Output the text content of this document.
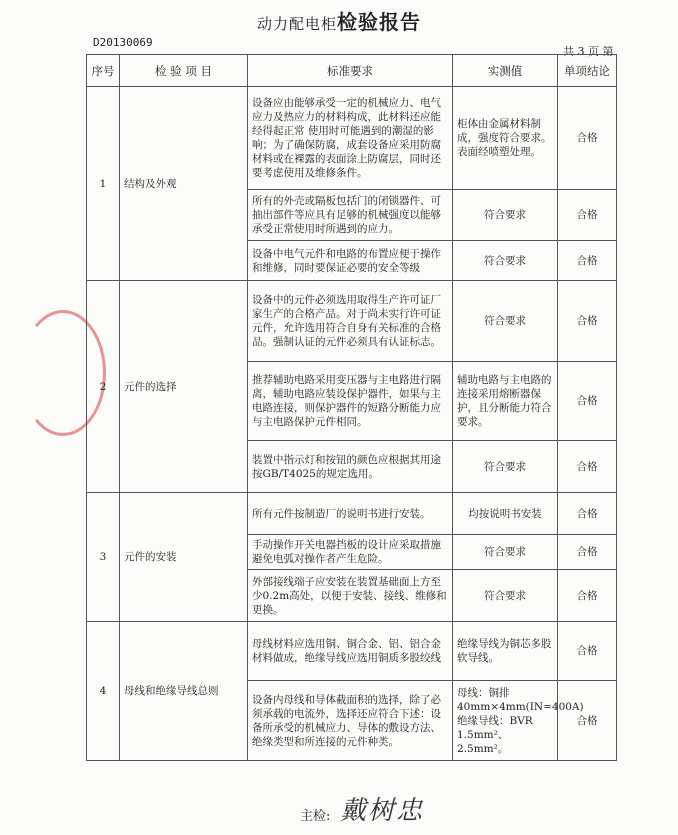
动力配电柜检验报告
D20130069
共 3 页 第
序号	检 验 项 目	标准要求	实测值	单项结论
1	结构及外观	设备应由能够承受一定的机械应力、电气应力及热应力的材料构成，此材料还应能经得起正常 使用时可能遇到的潮湿的影响；为了确保防腐，成套设备应采用防腐材料或在裸露的表面涂上防腐层，同时还要考虑使用及维修条件。	柜体由金属材料制成，强度符合要求。表面经喷塑处理。	合格
		所有的外壳或隔板包括门的闭锁器件、可抽出部件等应具有足够的机械强度以能够承受正常使用时所遇到的应力。	符合要求	合格
		设备中电气元件和电路的布置应便于操作和维修，同时要保证必要的安全等级	符合要求	合格
2	元件的选择	设备中的元件必须选用取得生产许可证厂家生产的合格产品。对于尚未实行许可证元件，允许选用符合自身有关标准的合格品。强制认证的元件必须具有认证标志。	符合要求	合格
		推荐辅助电路采用变压器与主电路进行隔离，辅助电路应装设保护器件，如果与主电路连接，则保护器件的短路分断能力应与主电路保护元件相同。	辅助电路与主电路的连接采用熔断器保护，且分断能力符合要求。	合格
		装置中指示灯和按钮的颜色应根据其用途按GB/T4025的规定选用。	符合要求	合格
3	元件的安装	所有元件按制造厂的说明书进行安装。	均按说明书安装	合格
		手动操作开关电器挡板的设计应采取措施避免电弧对操作者产生危险。	符合要求	合格
		外部接线端子应安装在装置基础面上方至少0.2m高处，以便于安装、接线、维修和更换。	符合要求	合格
4	母线和绝缘导线总则	母线材料应选用铜、铜合金、铝、铝合金材料做成，绝缘导线应选用铜质多股绞线	绝缘导线为铜芯多股软导线。	合格
		设备内母线和导体截面积的选择，除了必须承载的电流外，选择还应符合下述：设备所承受的机械应力、导体的敷设方法、绝缘类型和所连接的元件种类。	母线：铜排 40mm×4mm(IN=400A) 绝缘导线：BVR 1.5mm²、2.5mm²。	合格
主检: 戴树忠
